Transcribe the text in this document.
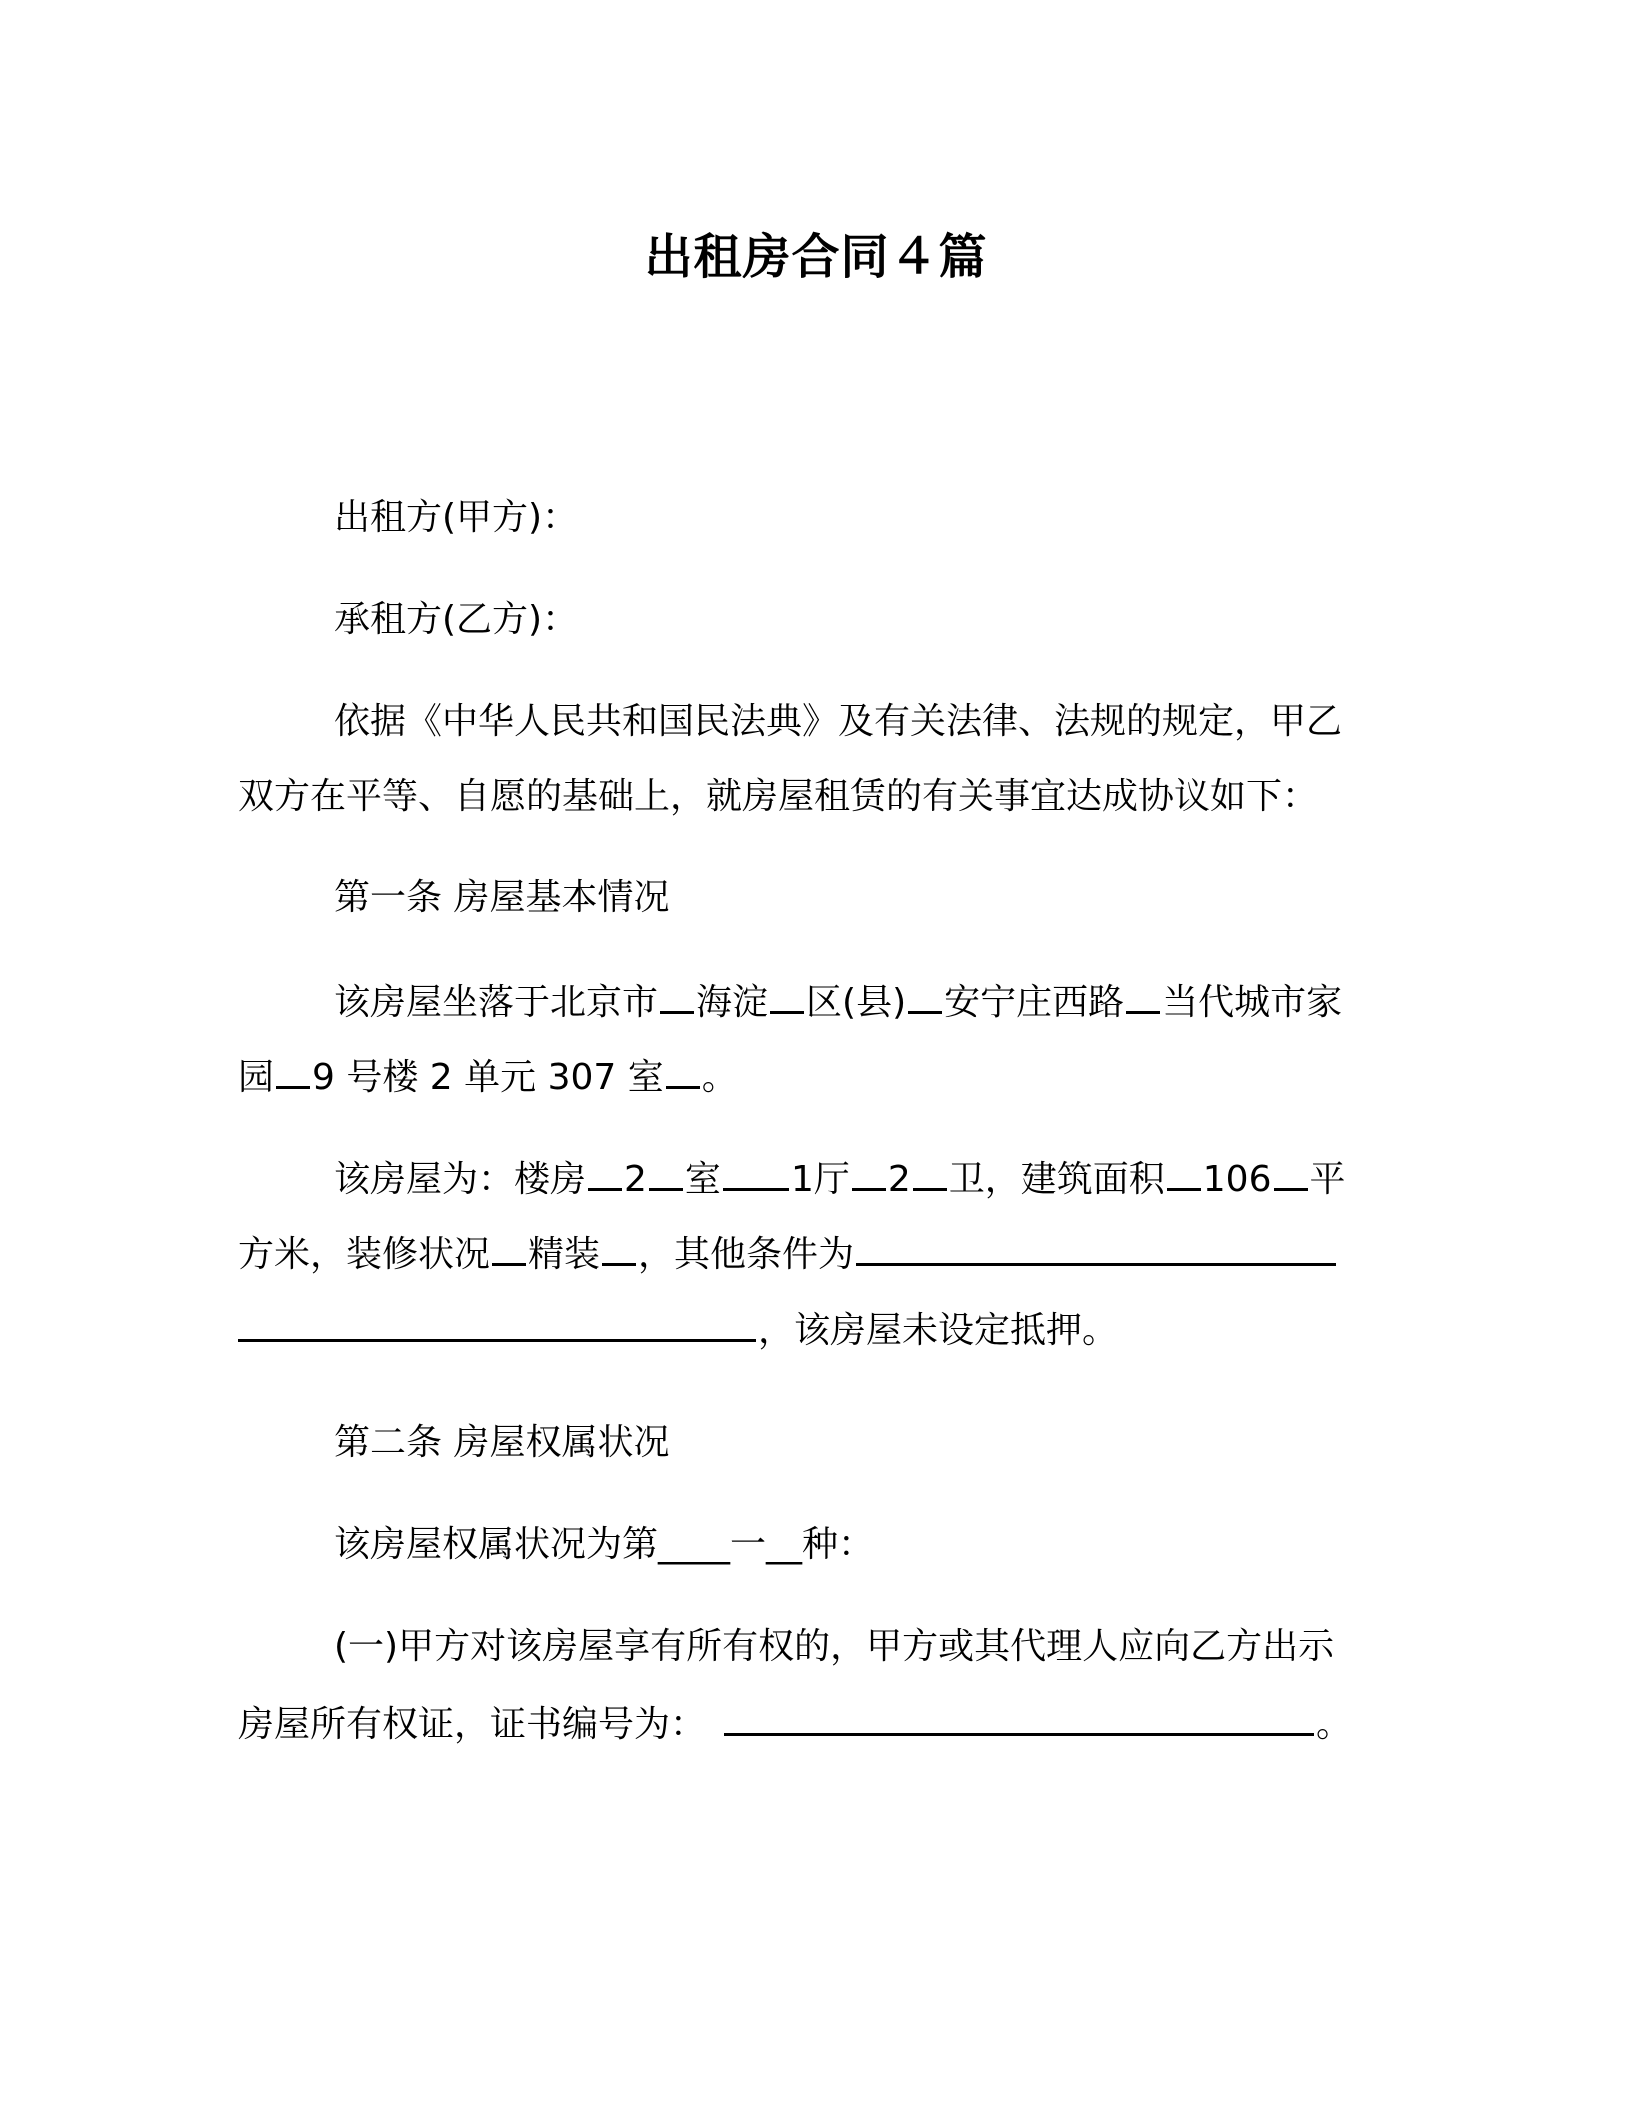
出租房合同４篇
出租方(甲方)：
承租方(乙方)：
依据《中华人民共和国民法典》及有关法律、法规的规定，甲乙
双方在平等、自愿的基础上，就房屋租赁的有关事宜达成协议如下：
第一条 房屋基本情况
该房屋坐落于北京市 海淀 区(县) 安宁庄西路 当代城市家
园 9 号楼 2 单元 307 室 。
该房屋为：楼房 2 室 1厅 2 卫，建筑面积 106 平
方米，装修状况 精装 ，其他条件为
，该房屋未设定抵押。
第二条 房屋权属状况
该房屋权属状况为第____一__种：
(一)甲方对该房屋享有所有权的，甲方或其代理人应向乙方出示
房屋所有权证，证书编号为：	。
